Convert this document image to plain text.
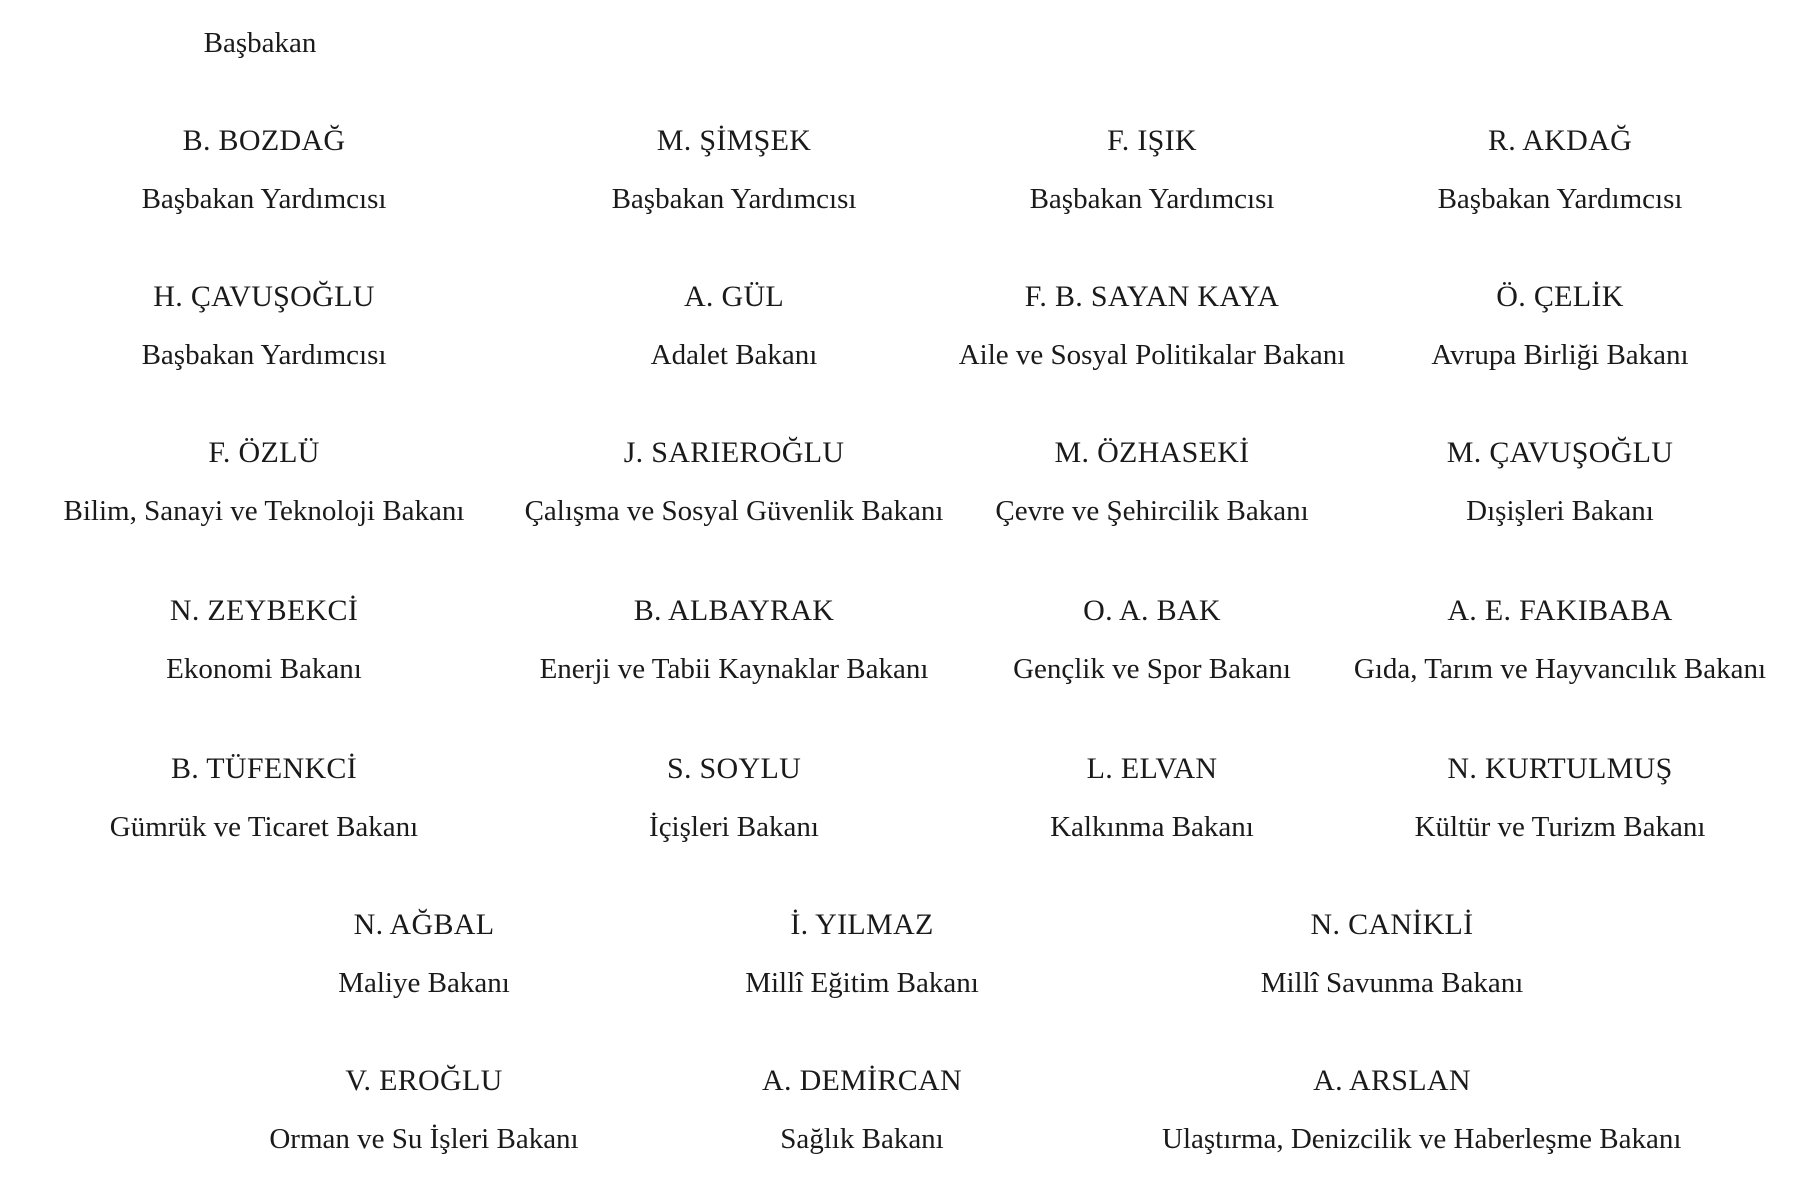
Başbakan
B. BOZDAĞ
Başbakan Yardımcısı
M. ŞİMŞEK
Başbakan Yardımcısı
F. IŞIK
Başbakan Yardımcısı
R. AKDAĞ
Başbakan Yardımcısı
H. ÇAVUŞOĞLU
Başbakan Yardımcısı
A. GÜL
Adalet Bakanı
F. B. SAYAN KAYA
Aile ve Sosyal Politikalar Bakanı
Ö. ÇELİK
Avrupa Birliği Bakanı
F. ÖZLÜ
Bilim, Sanayi ve Teknoloji Bakanı
J. SARIEROĞLU
Çalışma ve Sosyal Güvenlik Bakanı
M. ÖZHASEKİ
Çevre ve Şehircilik Bakanı
M. ÇAVUŞOĞLU
Dışişleri Bakanı
N. ZEYBEKCİ
Ekonomi Bakanı
B. ALBAYRAK
Enerji ve Tabii Kaynaklar Bakanı
O. A. BAK
Gençlik ve Spor Bakanı
A. E. FAKIBABA
Gıda, Tarım ve Hayvancılık Bakanı
B. TÜFENKCİ
Gümrük ve Ticaret Bakanı
S. SOYLU
İçişleri Bakanı
L. ELVAN
Kalkınma Bakanı
N. KURTULMUŞ
Kültür ve Turizm Bakanı
N. AĞBAL
Maliye Bakanı
İ. YILMAZ
Millî Eğitim Bakanı
N. CANİKLİ
Millî Savunma Bakanı
V. EROĞLU
Orman ve Su İşleri Bakanı
A. DEMİRCAN
Sağlık Bakanı
A. ARSLAN
Ulaştırma, Denizcilik ve Haberleşme Bakanı
